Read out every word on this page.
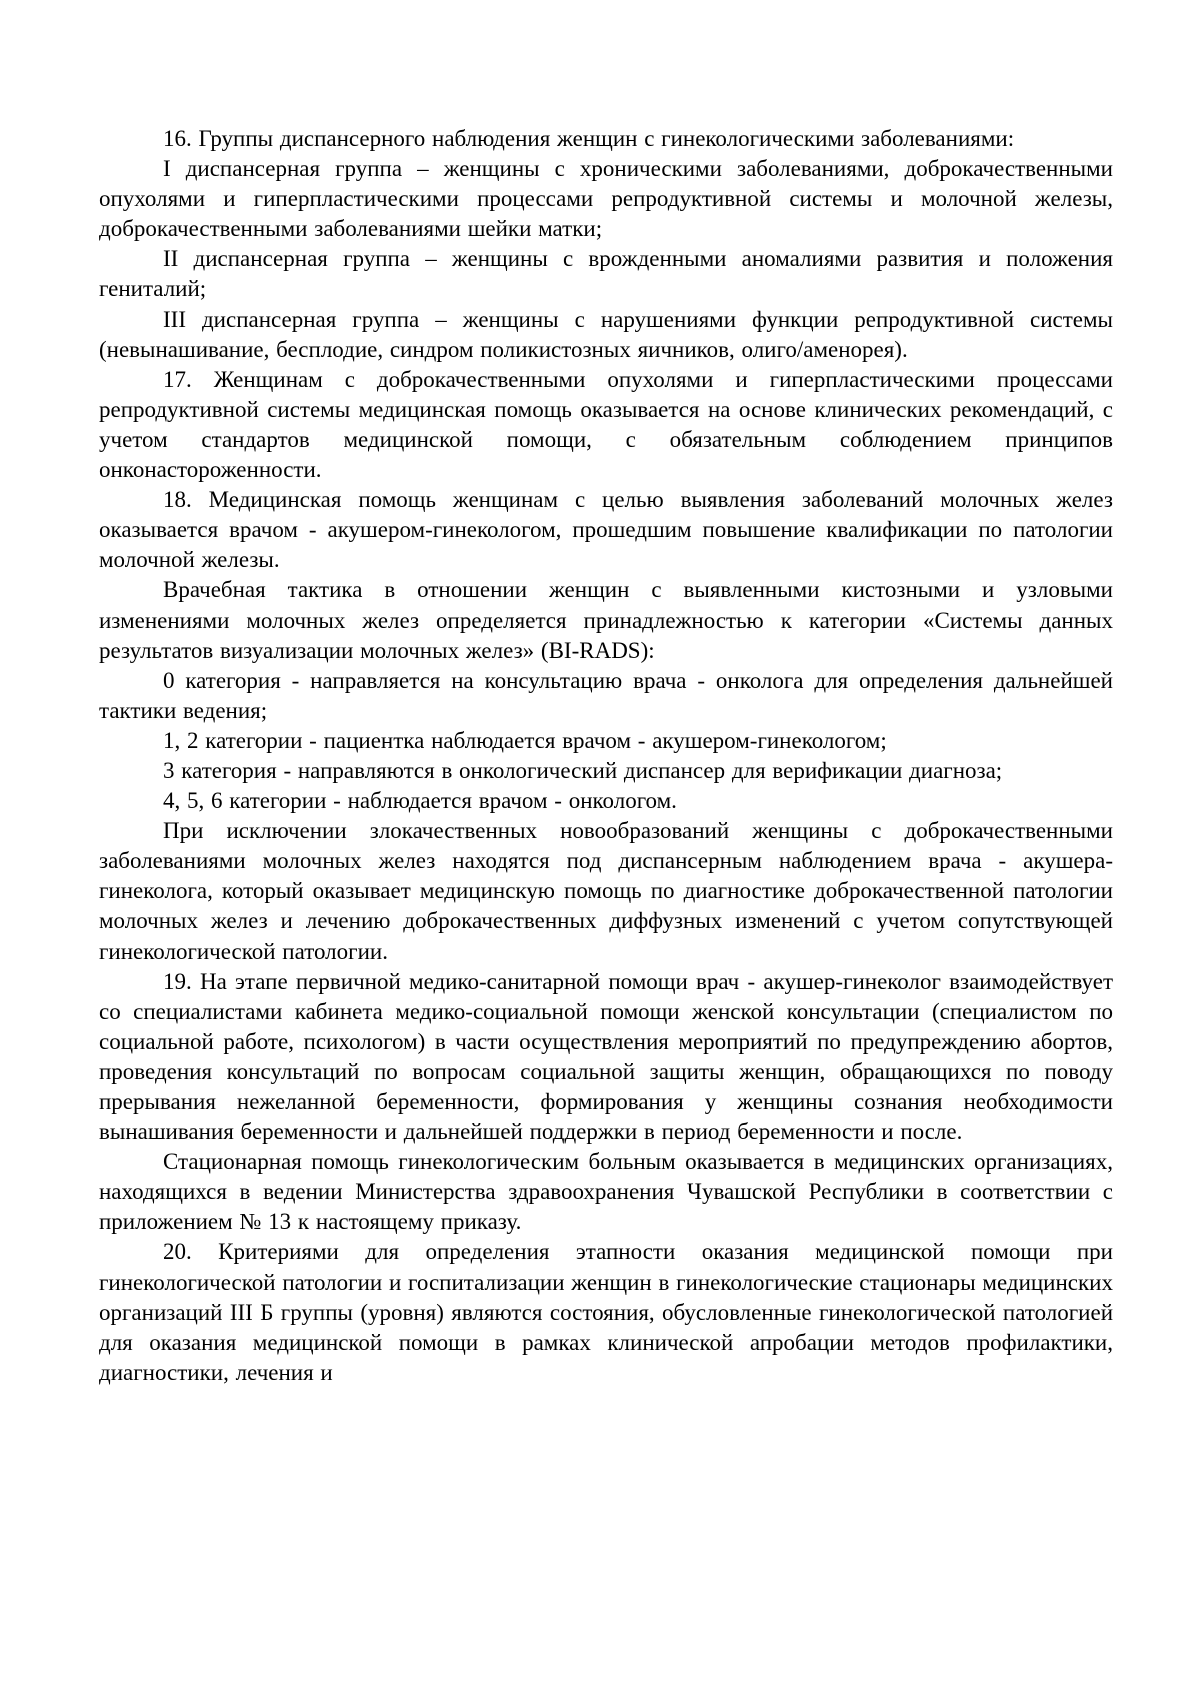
16. Группы диспансерного наблюдения женщин с гинекологическими заболеваниями:

I диспансерная группа – женщины с хроническими заболеваниями, доброкачественными опухолями и гиперпластическими процессами репродуктивной системы и молочной железы, доброкачественными заболеваниями шейки матки;

II диспансерная группа – женщины с врожденными аномалиями развития и положения гениталий;

III диспансерная группа – женщины с нарушениями функции репродуктивной системы (невынашивание, бесплодие, синдром поликистозных яичников, олиго/аменорея).

17. Женщинам с доброкачественными опухолями и гиперпластическими процессами репродуктивной системы медицинская помощь оказывается на основе клинических рекомендаций, с учетом стандартов медицинской помощи, с обязательным соблюдением принципов онконастороженности.

18. Медицинская помощь женщинам с целью выявления заболеваний молочных желез оказывается врачом - акушером-гинекологом, прошедшим повышение квалификации по патологии молочной железы.

Врачебная тактика в отношении женщин с выявленными кистозными и узловыми изменениями молочных желез определяется принадлежностью к категории «Системы данных результатов визуализации молочных желез» (BI-RADS):

0 категория - направляется на консультацию врача - онколога для определения дальнейшей тактики ведения;

1, 2 категории - пациентка наблюдается врачом - акушером-гинекологом;

3 категория - направляются в онкологический диспансер для верификации диагноза;

4, 5, 6 категории - наблюдается врачом - онкологом.

При исключении злокачественных новообразований женщины с доброкачественными заболеваниями молочных желез находятся под диспансерным наблюдением врача - акушера-гинеколога, который оказывает медицинскую помощь по диагностике доброкачественной патологии молочных желез и лечению доброкачественных диффузных изменений с учетом сопутствующей гинекологической патологии.

19. На этапе первичной медико-санитарной помощи врач - акушер-гинеколог взаимодействует со специалистами кабинета медико-социальной помощи женской консультации (специалистом по социальной работе, психологом) в части осуществления мероприятий по предупреждению абортов, проведения консультаций по вопросам социальной защиты женщин, обращающихся по поводу прерывания нежеланной беременности, формирования у женщины сознания необходимости вынашивания беременности и дальнейшей поддержки в период беременности и после.

Стационарная помощь гинекологическим больным оказывается в медицинских организациях, находящихся в ведении Министерства здравоохранения Чувашской Республики в соответствии с приложением № 13 к настоящему приказу.

20. Критериями для определения этапности оказания медицинской помощи при гинекологической патологии и госпитализации женщин в гинекологические стационары медицинских организаций III Б группы (уровня) являются состояния, обусловленные гинекологической патологией для оказания медицинской помощи в рамках клинической апробации методов профилактики, диагностики, лечения и
